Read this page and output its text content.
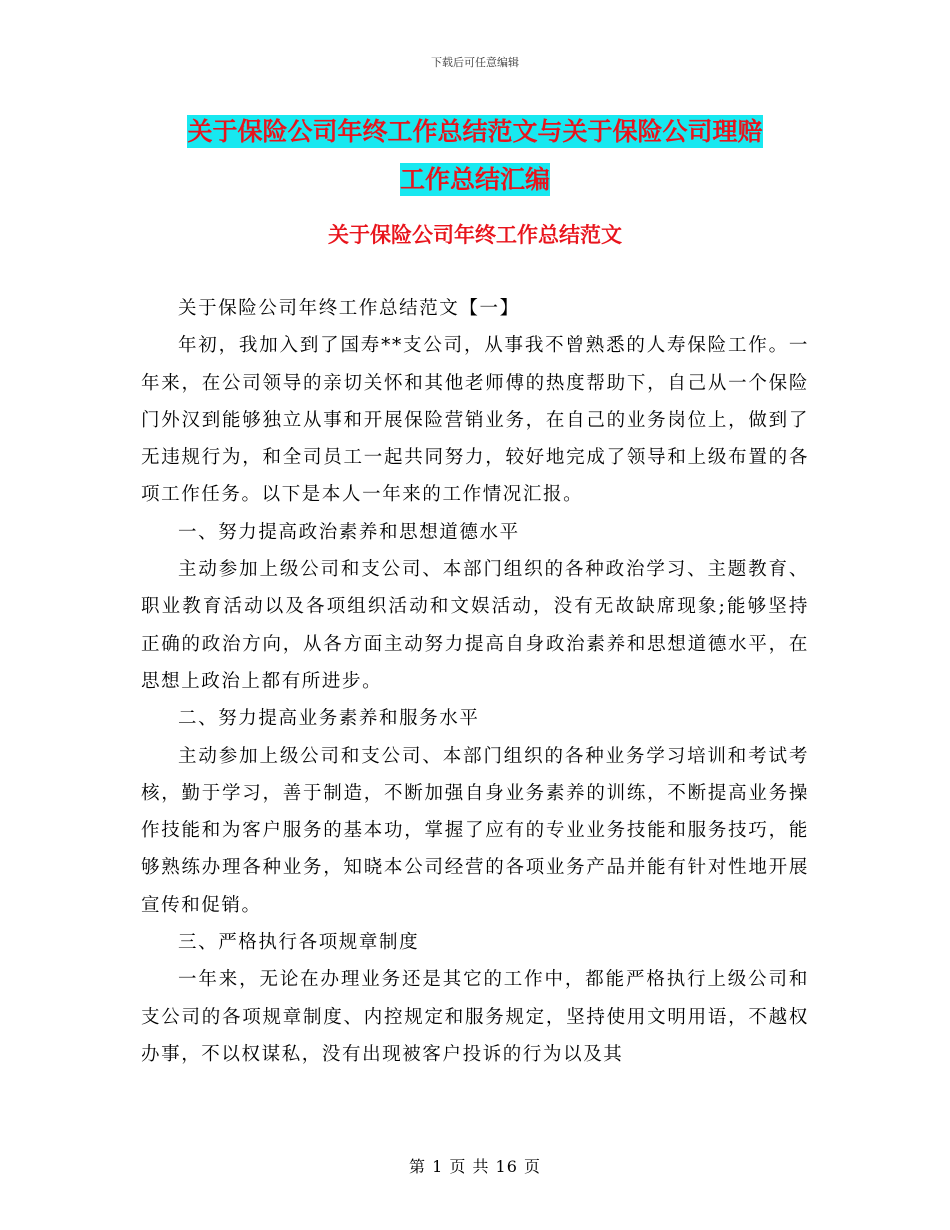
下载后可任意编辑
关于保险公司年终工作总结范文与关于保险公司理赔
工作总结汇编
关于保险公司年终工作总结范文

关于保险公司年终工作总结范文【一】

年初，我加入到了国寿**支公司，从事我不曾熟悉的人寿保险工作。一年来，在公司领导的亲切关怀和其他老师傅的热度帮助下，自己从一个保险门外汉到能够独立从事和开展保险营销业务，在自己的业务岗位上，做到了无违规行为，和全司员工一起共同努力，较好地完成了领导和上级布置的各项工作任务。以下是本人一年来的工作情况汇报。

一、努力提高政治素养和思想道德水平

主动参加上级公司和支公司、本部门组织的各种政治学习、主题教育、职业教育活动以及各项组织活动和文娱活动，没有无故缺席现象;能够坚持正确的政治方向，从各方面主动努力提高自身政治素养和思想道德水平，在思想上政治上都有所进步。

二、努力提高业务素养和服务水平

主动参加上级公司和支公司、本部门组织的各种业务学习培训和考试考核，勤于学习，善于制造，不断加强自身业务素养的训练，不断提高业务操作技能和为客户服务的基本功，掌握了应有的专业业务技能和服务技巧，能够熟练办理各种业务，知晓本公司经营的各项业务产品并能有针对性地开展宣传和促销。

三、严格执行各项规章制度

一年来，无论在办理业务还是其它的工作中，都能严格执行上级公司和支公司的各项规章制度、内控规定和服务规定，坚持使用文明用语，不越权办事，不以权谋私，没有出现被客户投诉的行为以及其

第 1 页 共 16 页
